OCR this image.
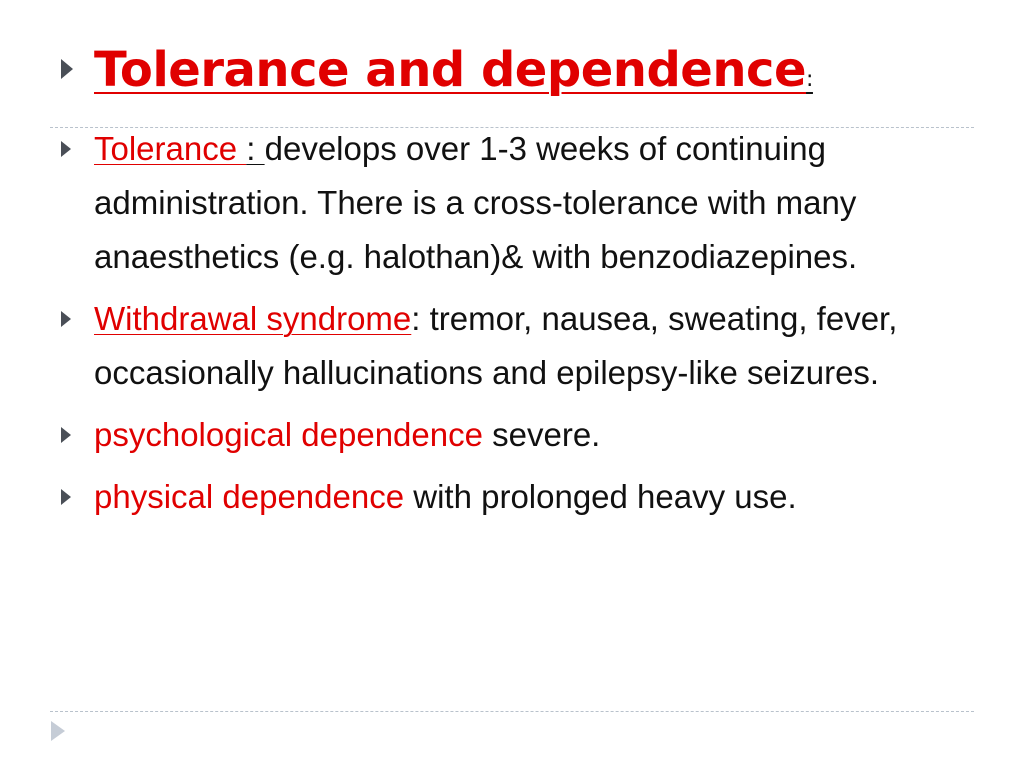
Tolerance and dependence:
Tolerance : develops over 1-3 weeks of continuing administration. There is a cross-tolerance with many anaesthetics (e.g. halothan)& with benzodiazepines.
Withdrawal syndrome: tremor, nausea, sweating, fever, occasionally hallucinations and epilepsy-like seizures.
psychological dependence severe.
physical dependence with prolonged heavy use.
